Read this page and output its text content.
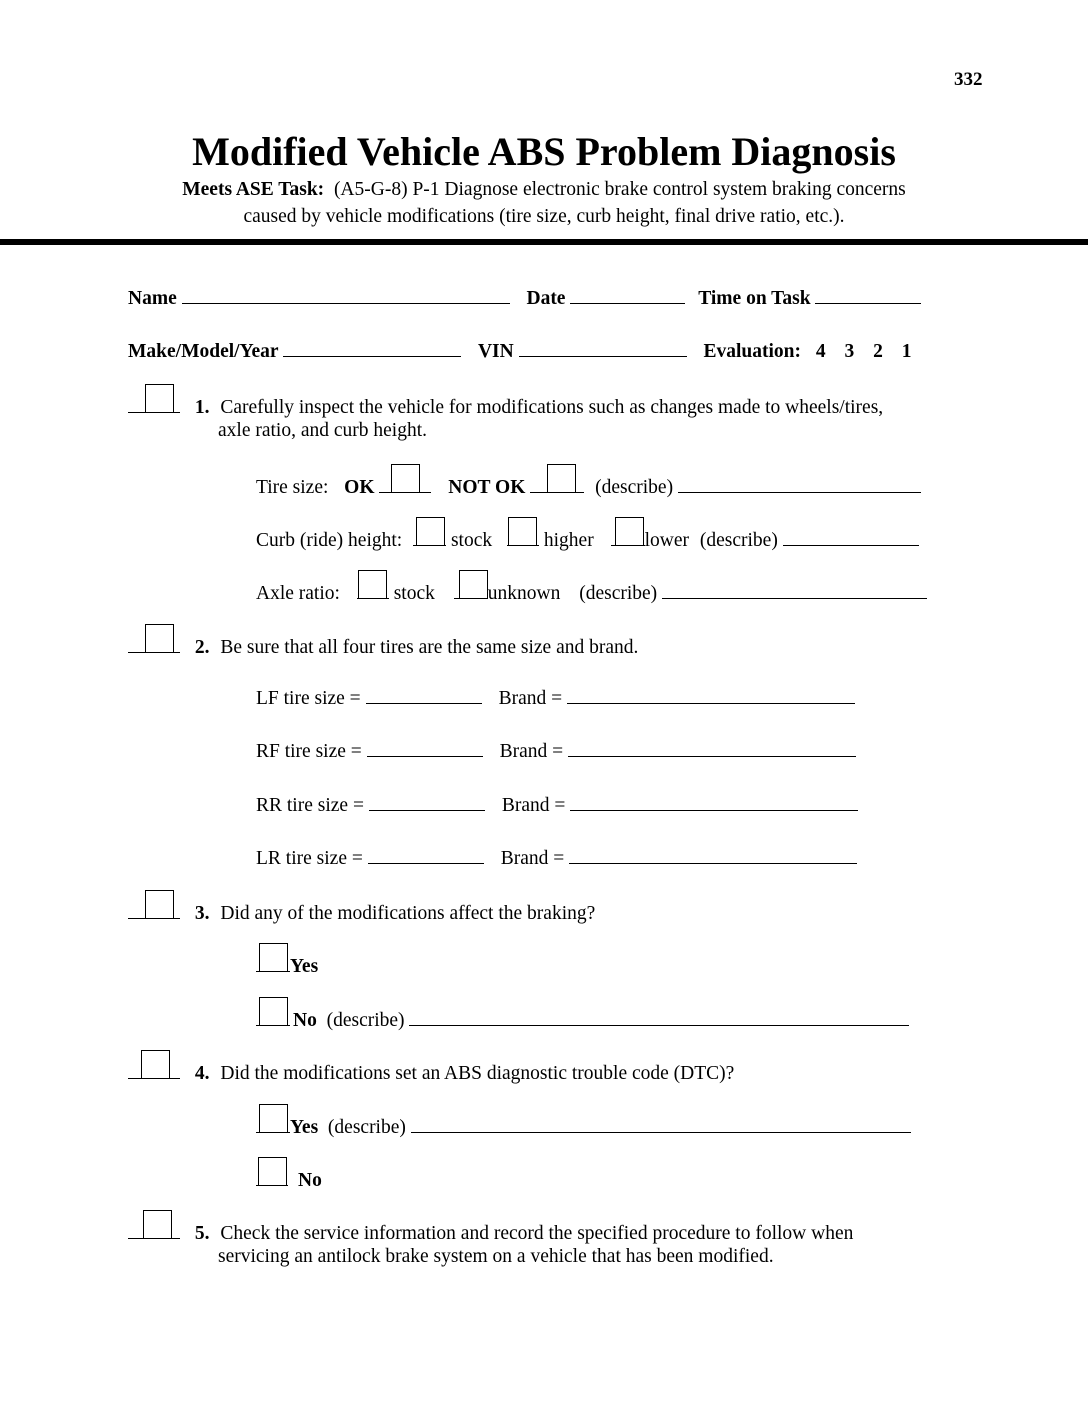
332
Modified Vehicle ABS Problem Diagnosis
Meets ASE Task: (A5-G-8) P-1 Diagnose electronic brake control system braking concerns
caused by vehicle modifications (tire size, curb height, final drive ratio, etc.).
Name	Date	Time on Task
Make/Model/Year	VIN	Evaluation: 4 3 2 1
1. Carefully inspect the vehicle for modifications such as changes made to wheels/tires,
axle ratio, and curb height.
Tire size: OK	NOT OK	(describe)
Curb (ride) height:	stock	higher	lower (describe)
Axle ratio:	stock	unknown (describe)
2. Be sure that all four tires are the same size and brand.
LF tire size =	Brand =
RF tire size =	Brand =
RR tire size =	Brand =
LR tire size =	Brand =
3. Did any of the modifications affect the braking?
Yes
No (describe)
4. Did the modifications set an ABS diagnostic trouble code (DTC)?
Yes (describe)
No
5. Check the service information and record the specified procedure to follow when
servicing an antilock brake system on a vehicle that has been modified.
